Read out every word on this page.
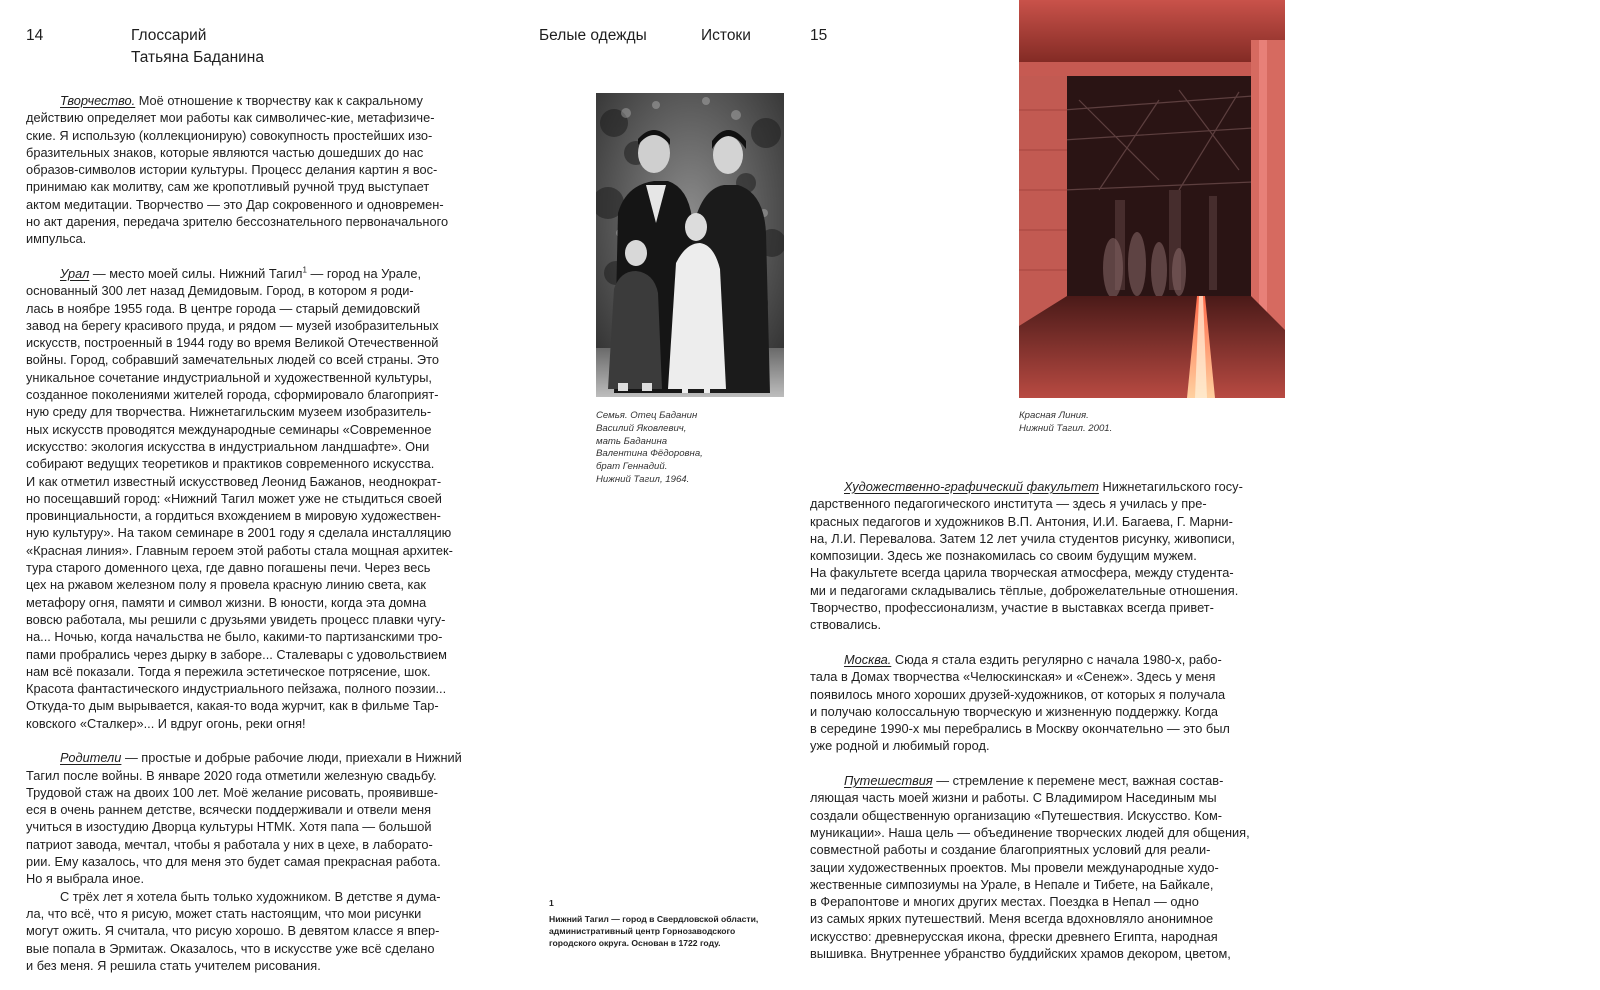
14	Глоссарий
Татьяна Баданина
Белые одежды	Истоки	15

Творчество. Моё отношение к творчеству как к сакральному

действию определяет мои работы как символичес-кие, метафизиче-

ские. Я использую (коллекционирую) совокупность простейших изо-

бразительных знаков, которые являются частью дошедших до нас

образов-символов истории культуры. Процесс делания картин я вос-

принимаю как молитву, сам же кропотливый ручной труд выступает

актом медитации. Творчество — это Дар сокровенного и одновремен-

но акт дарения, передача зрителю бессознательного первоначального

импульса.

Урал — место моей силы. Нижний Тагил$^1$ — город на Урале,

основанный 300 лет назад Демидовым. Город, в котором я роди-

лась в ноябре 1955 года. В центре города — старый демидовский

завод на берегу красивого пруда, и рядом — музей изобразительных

искусств, построенный в 1944 году во время Великой Отечественной

войны. Город, собравший замечательных людей со всей страны. Это

уникальное сочетание индустриальной и художественной культуры,

созданное поколениями жителей города, сформировало благоприят-

ную среду для творчества. Нижнетагильским музеем изобразитель-

ных искусств проводятся международные семинары «Современное

искусство: экология искусства в индустриальном ландшафте». Они

собирают ведущих теоретиков и практиков современного искусства.

И как отметил известный искусствовед Леонид Бажанов, неоднократ-

но посещавший город: «Нижний Тагил может уже не стыдиться своей

провинциальности, а гордиться вхождением в мировую художествен-

ную культуру». На таком семинаре в 2001 году я сделала инсталляцию

«Красная линия». Главным героем этой работы стала мощная архитек-

тура старого доменного цеха, где давно погашены печи. Через весь

цех на ржавом железном полу я провела красную линию света, как

метафору огня, памяти и символ жизни. В юности, когда эта домна

вовсю работала, мы решили с друзьями увидеть процесс плавки чугу-

на... Ночью, когда начальства не было, какими-то партизанскими тро-

пами пробрались через дырку в заборе... Сталевары с удовольствием

нам всё показали. Тогда я пережила эстетическое потрясение, шок.

Красота фантастического индустриального пейзажа, полного поэзии...

Откуда-то дым вырывается, какая-то вода журчит, как в фильме Тар-

ковского «Сталкер»... И вдруг огонь, реки огня!

Родители — простые и добрые рабочие люди, приехали в Нижний

Тагил после войны. В январе 2020 года отметили железную свадьбу.

Трудовой стаж на двоих 100 лет. Моё желание рисовать, проявивше-

еся в очень раннем детстве, всячески поддерживали и отвели меня

учиться в изостудию Дворца культуры НТМК. Хотя папа — большой

патриот завода, мечтал, чтобы я работала у них в цехе, в лаборато-

рии. Ему казалось, что для меня это будет самая прекрасная работа.

Но я выбрала иное.

С трёх лет я хотела быть только художником. В детстве я дума-

ла, что всё, что я рисую, может стать настоящим, что мои рисунки

могут ожить. Я считала, что рисую хорошо. В девятом классе я впер-

вые попала в Эрмитаж. Оказалось, что в искусстве уже всё сделано

и без меня. Я решила стать учителем рисования.

Семья. Отец Баданин
Василий Яковлевич,
мать Баданина
Валентина Фёдоровна,
брат Геннадий.
Нижний Тагил, 1964.
1
Нижний Тагил — город в Свердловской области,
административный центр Горнозаводского
городского округа. Основан в 1722 году.
Красная Линия.
Нижний Тагил. 2001.

Художественно-графический факультет Нижнетагильского госу-

дарственного педагогического института — здесь я училась у пре-

красных педагогов и художников В.П. Антония, И.И. Багаева, Г. Марни-

на, Л.И. Перевалова. Затем 12 лет учила студентов рисунку, живописи,

композиции. Здесь же познакомилась со своим будущим мужем.

На факультете всегда царила творческая атмосфера, между студента-

ми и педагогами складывались тёплые, доброжелательные отношения.

Творчество, профессионализм, участие в выставках всегда привет-

ствовались.

Москва. Сюда я стала ездить регулярно с начала 1980-х, рабо-

тала в Домах творчества «Челюскинская» и «Сенеж». Здесь у меня

появилось много хороших друзей-художников, от которых я получала

и получаю колоссальную творческую и жизненную поддержку. Когда

в середине 1990-х мы перебрались в Москву окончательно — это был

уже родной и любимый город.

Путешествия — стремление к перемене мест, важная состав-

ляющая часть моей жизни и работы. С Владимиром Насединым мы

создали общественную организацию «Путешествия. Искусство. Ком-

муникации». Наша цель — объединение творческих людей для общения,

совместной работы и создание благоприятных условий для реали-

зации художественных проектов. Мы провели международные худо-

жественные симпозиумы на Урале, в Непале и Тибете, на Байкале,

в Ферапонтове и многих других местах. Поездка в Непал — одно

из самых ярких путешествий. Меня всегда вдохновляло анонимное

искусство: древнерусская икона, фрески древнего Египта, народная

вышивка. Внутреннее убранство буддийских храмов декором, цветом,
